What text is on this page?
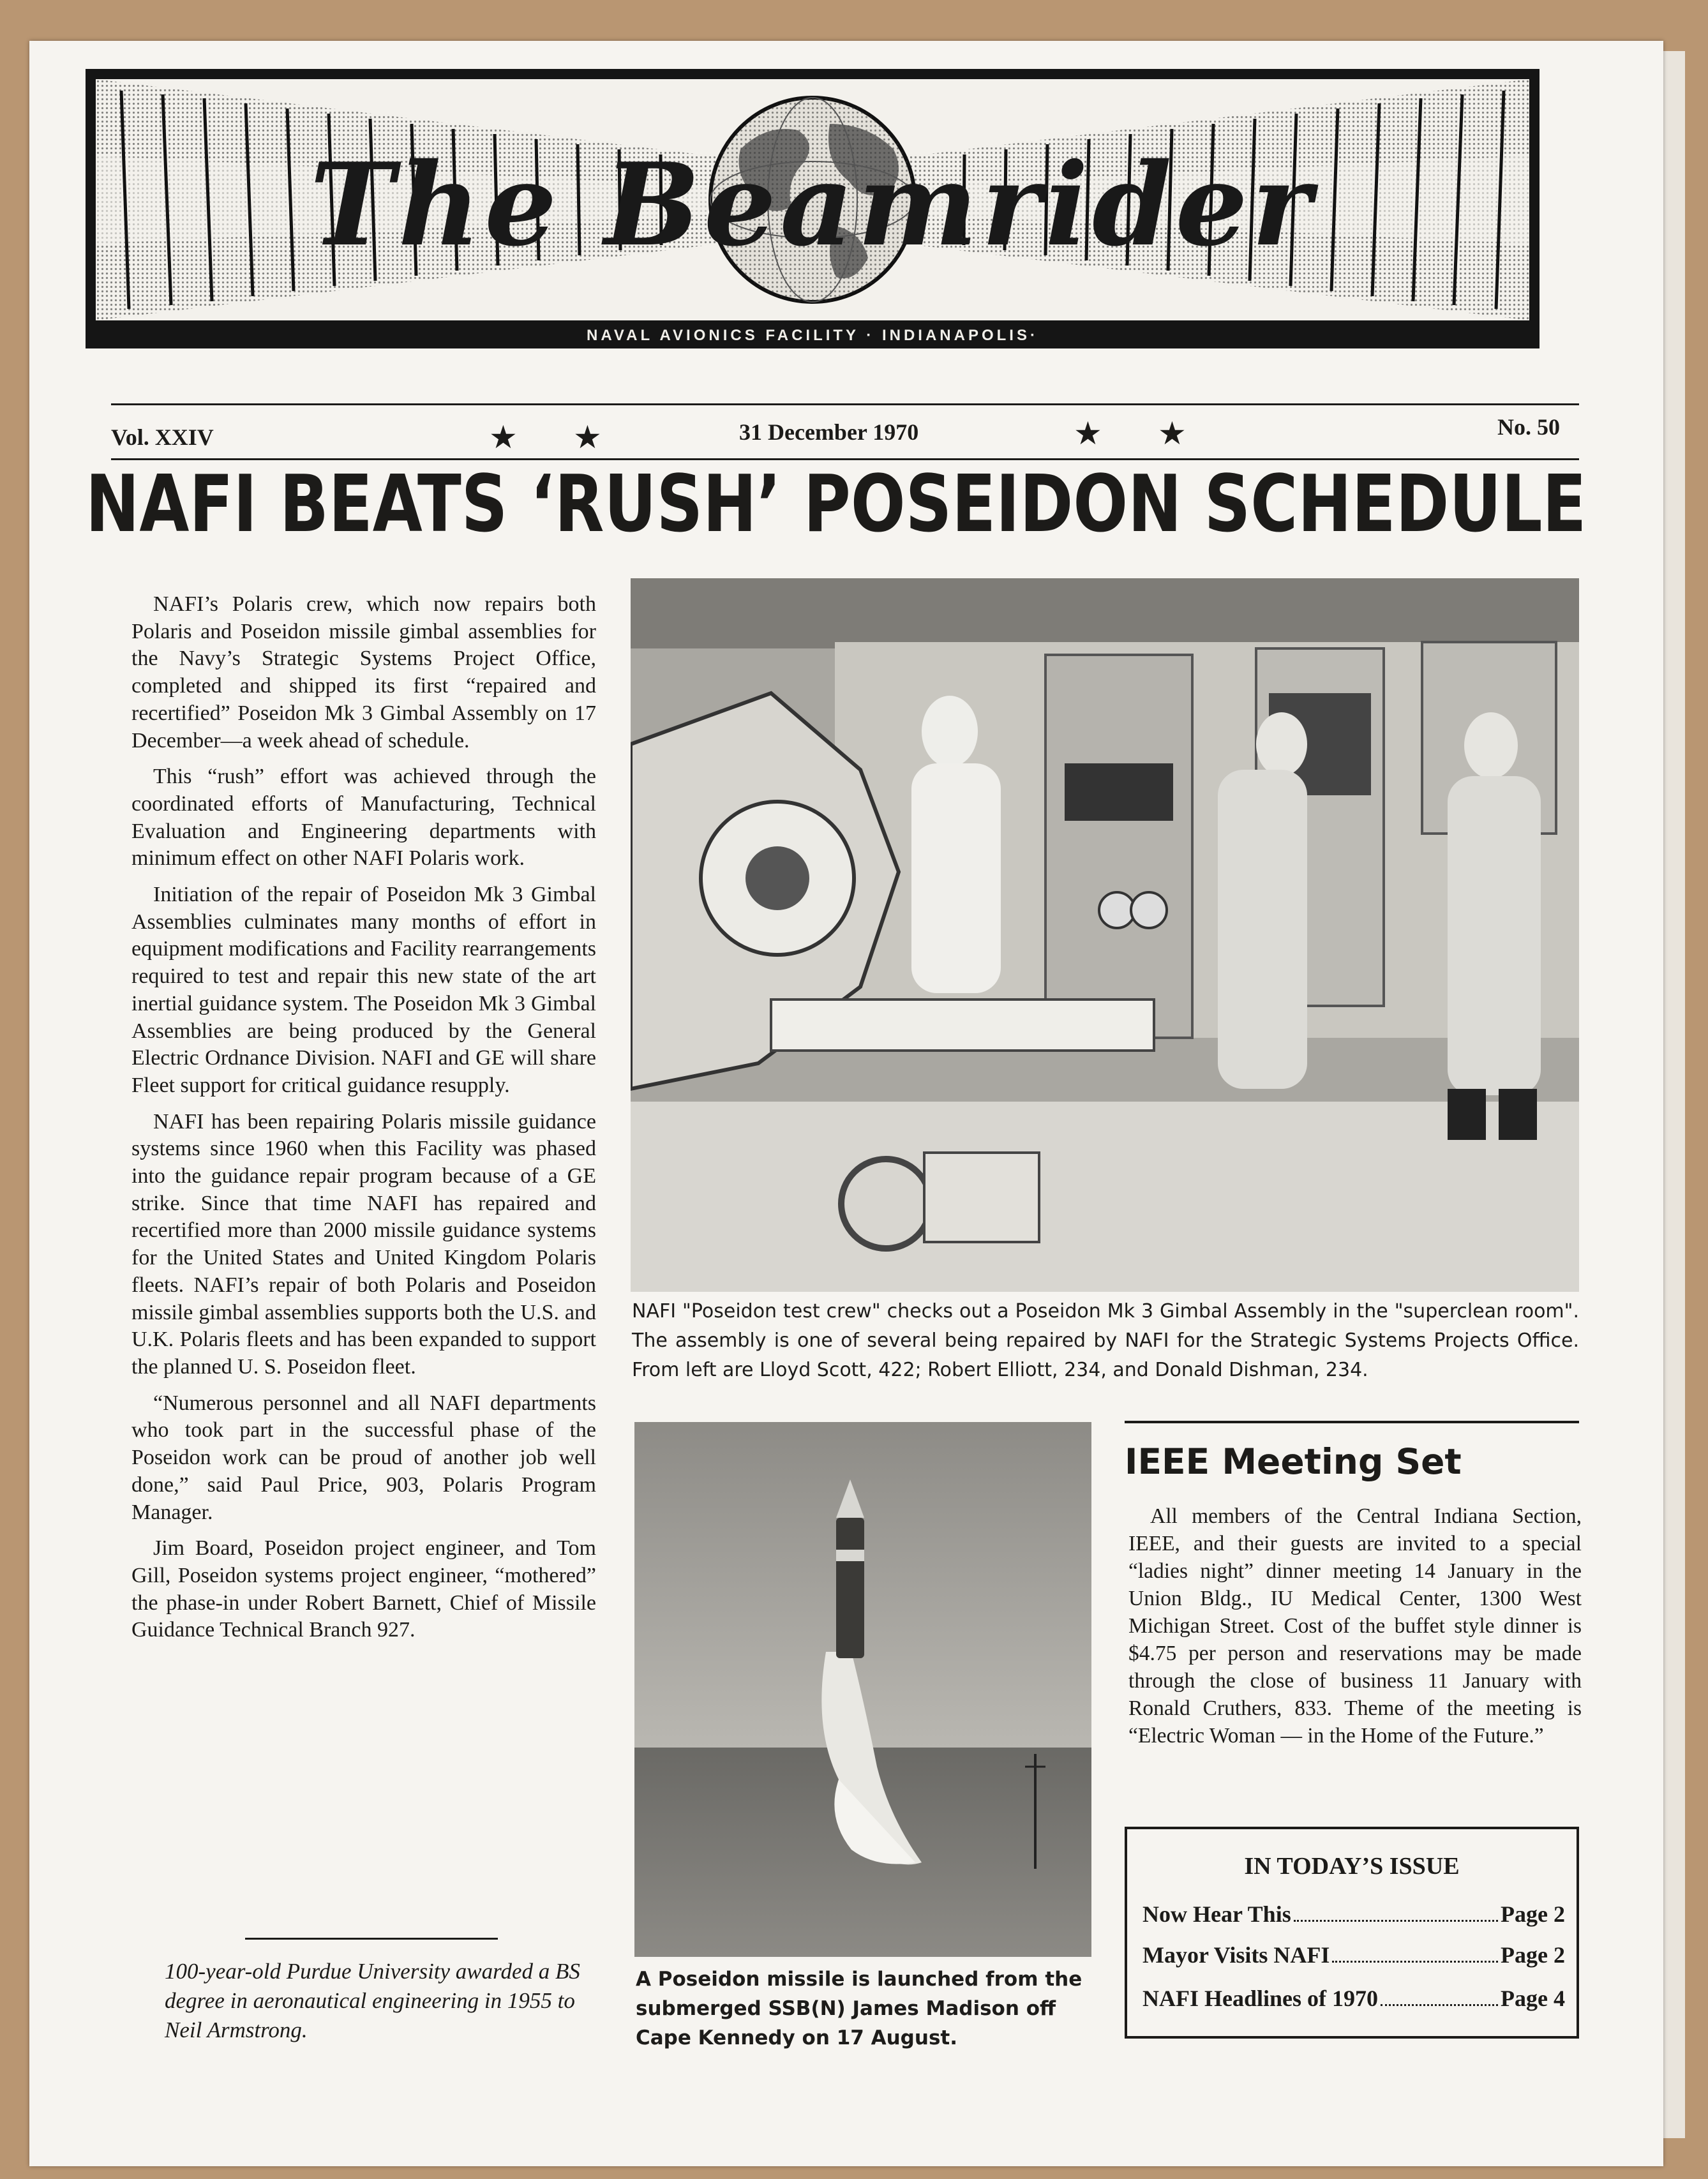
The Beamrider
NAVAL AVIONICS FACILITY · INDIANAPOLIS·
Vol. XXIV	31 December 1970	No. 50
★ ★	★ ★
NAFI BEATS ‘RUSH’ POSEIDON SCHEDULE

NAFI’s Polaris crew, which now repairs both Polaris and Poseidon missile gimbal assemblies for the Navy’s Strategic Systems Project Office, completed and shipped its first “repaired and recertified” Poseidon Mk 3 Gimbal Assembly on 17 December—a week ahead of schedule.

This “rush” effort was achieved through the coordinated efforts of Manufacturing, Technical Evaluation and Engineering departments with minimum effect on other NAFI Polaris work.

Initiation of the repair of Poseidon Mk 3 Gimbal Assemblies culminates many months of effort in equipment modifications and Facility rearrangements required to test and repair this new state of the art inertial guidance system. The Poseidon Mk 3 Gimbal Assemblies are being produced by the General Electric Ordnance Division. NAFI and GE will share Fleet support for critical guidance resupply.

NAFI has been repairing Polaris missile guidance systems since 1960 when this Facility was phased into the guidance repair program because of a GE strike. Since that time NAFI has repaired and recertified more than 2000 missile guidance systems for the United States and United Kingdom Polaris fleets. NAFI’s repair of both Polaris and Poseidon missile gimbal assemblies supports both the U.S. and U.K. Polaris fleets and has been expanded to support the planned U. S. Poseidon fleet.

“Numerous personnel and all NAFI departments who took part in the successful phase of the Poseidon work can be proud of another job well done,” said Paul Price, 903, Polaris Program Manager.

Jim Board, Poseidon project engineer, and Tom Gill, Poseidon systems project engineer, “mothered” the phase-in under Robert Barnett, Chief of Missile Guidance Technical Branch 927.

100-year-old Purdue University awarded a BS degree in aeronautical engineering in 1955 to Neil Armstrong.
NAFI "Poseidon test crew" checks out a Poseidon Mk 3 Gimbal Assembly in the "superclean room". The assembly is one of several being repaired by NAFI for the Strategic Systems Projects Office. From left are Lloyd Scott, 422; Robert Elliott, 234, and Donald Dishman, 234.
A Poseidon missile is launched from the submerged SSB(N) James Madison off Cape Kennedy on 17 August.
IEEE Meeting Set

All members of the Central Indiana Section, IEEE, and their guests are invited to a special “ladies night” dinner meeting 14 January in the Union Bldg., IU Medical Center, 1300 West Michigan Street. Cost of the buffet style dinner is $4.75 per person and reservations may be made through the close of business 11 January with Ronald Cruthers, 833. Theme of the meeting is “Electric Woman — in the Home of the Future.”

IN TODAY’S ISSUE
Now Hear This	Page 2
Mayor Visits NAFI	Page 2
NAFI Headlines of 1970	Page 4
